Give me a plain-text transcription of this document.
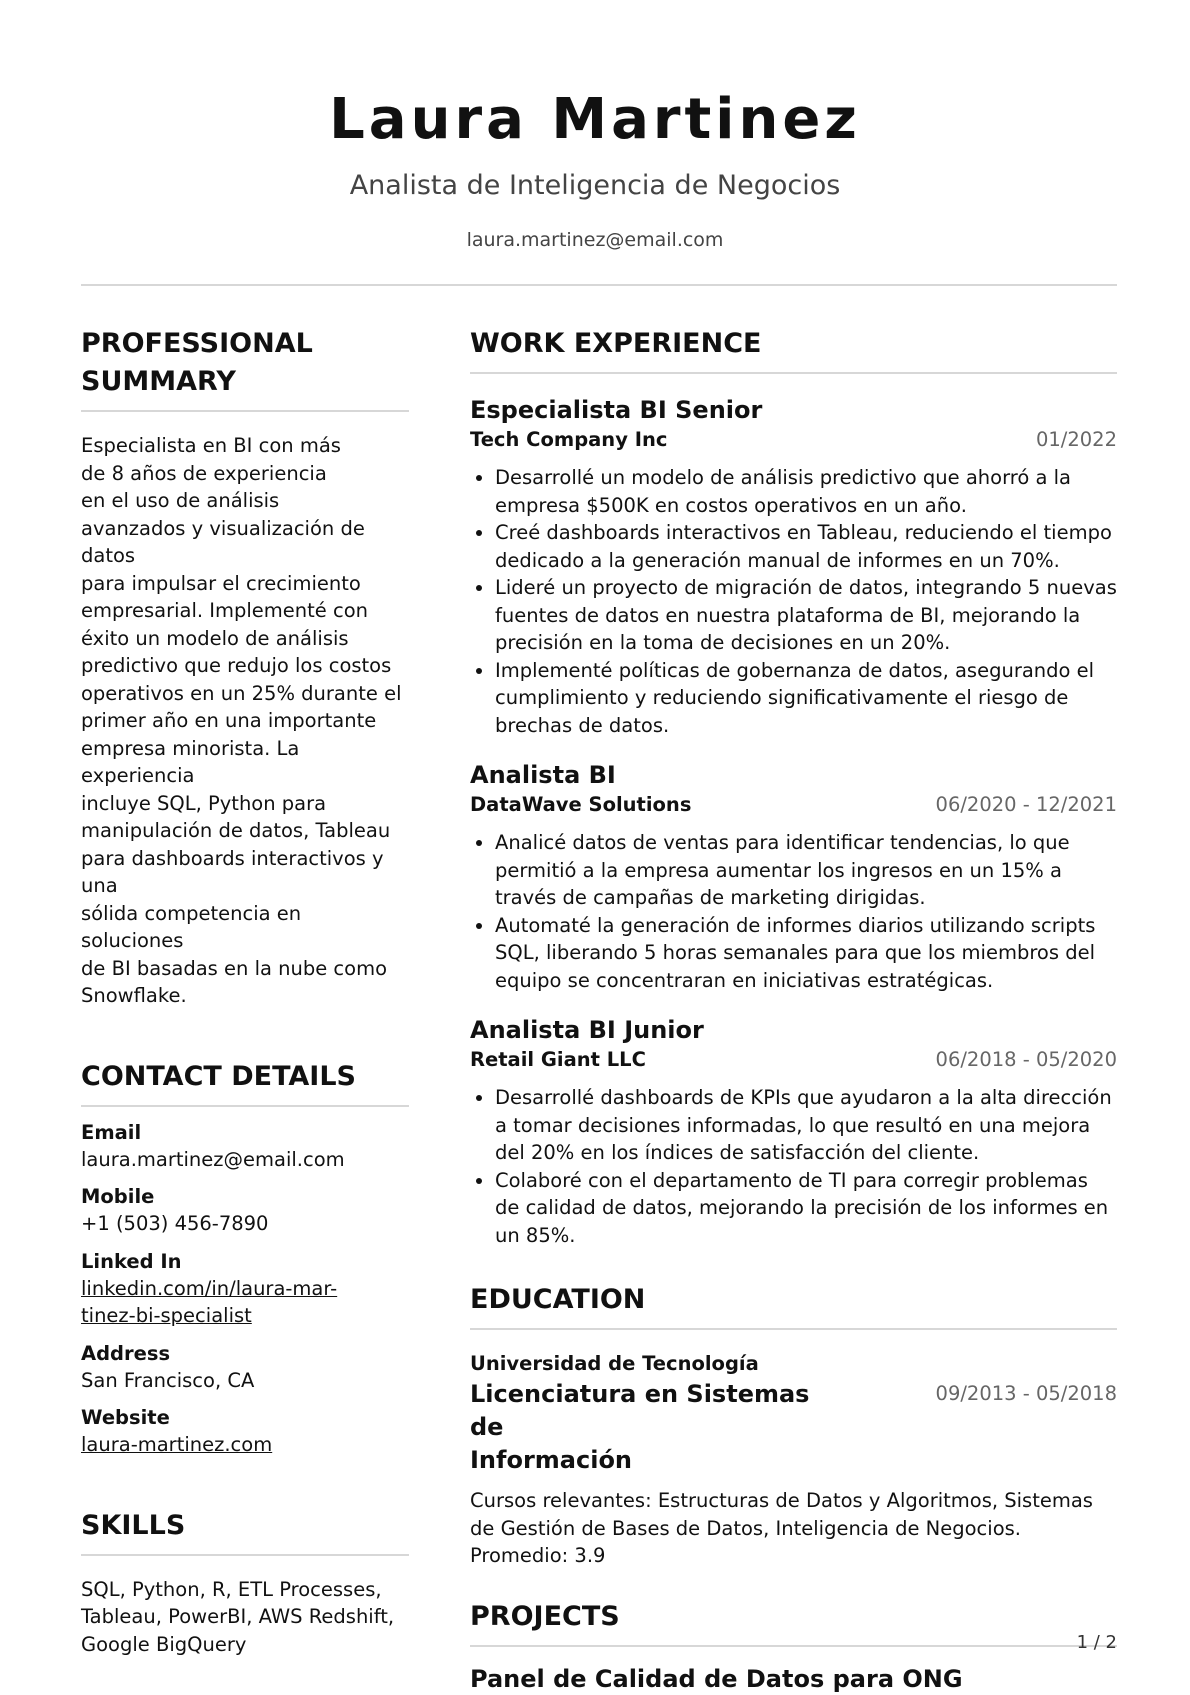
Laura Martinez
Analista de Inteligencia de Negocios
laura.martinez@email.com
PROFESSIONAL
SUMMARY
Especialista en BI con más
de 8 años de experiencia
en el uso de análisis
avanzados y visualización de datos
para impulsar el crecimiento
empresarial. Implementé con
éxito un modelo de análisis
predictivo que redujo los costos
operativos en un 25% durante el
primer año en una importante
empresa minorista. La experiencia
incluye SQL, Python para
manipulación de datos, Tableau
para dashboards interactivos y una
sólida competencia en soluciones
de BI basadas en la nube como
Snowflake.
CONTACT DETAILS
Email
laura.martinez@email.com
Mobile
+1 (503) 456-7890
Linked In
linkedin.com/in/laura-mar-
tinez-bi-specialist
Address
San Francisco, CA
Website
laura-martinez.com
SKILLS
SQL, Python, R, ETL Processes,
Tableau, PowerBI, AWS Redshift,
Google BigQuery
WORK EXPERIENCE
Especialista BI Senior
Tech Company Inc	01/2022
• Desarrollé un modelo de análisis predictivo que ahorró a la empresa $500K en costos operativos en un año.
• Creé dashboards interactivos en Tableau, reduciendo el tiempo dedicado a la generación manual de informes en un 70%.
• Lideré un proyecto de migración de datos, integrando 5 nuevas fuentes de datos en nuestra plataforma de BI, mejorando la precisión en la toma de decisiones en un 20%.
• Implementé políticas de gobernanza de datos, asegurando el cumplimiento y reduciendo significativamente el riesgo de brechas de datos.
Analista BI
DataWave Solutions	06/2020 - 12/2021
• Analicé datos de ventas para identificar tendencias, lo que permitió a la empresa aumentar los ingresos en un 15% a través de campañas de marketing dirigidas.
• Automaté la generación de informes diarios utilizando scripts SQL, liberando 5 horas semanales para que los miembros del equipo se concentraran en iniciativas estratégicas.
Analista BI Junior
Retail Giant LLC	06/2018 - 05/2020
• Desarrollé dashboards de KPIs que ayudaron a la alta dirección a tomar decisiones informadas, lo que resultó en una mejora del 20% en los índices de satisfacción del cliente.
• Colaboré con el departamento de TI para corregir problemas de calidad de datos, mejorando la precisión de los informes en un 85%.
EDUCATION
Universidad de Tecnología
Licenciatura en Sistemas de
Información
09/2013 - 05/2018
Cursos relevantes: Estructuras de Datos y Algoritmos, Sistemas de Gestión de Bases de Datos, Inteligencia de Negocios. Promedio: 3.9
PROJECTS
Panel de Calidad de Datos para ONG
1 / 2
